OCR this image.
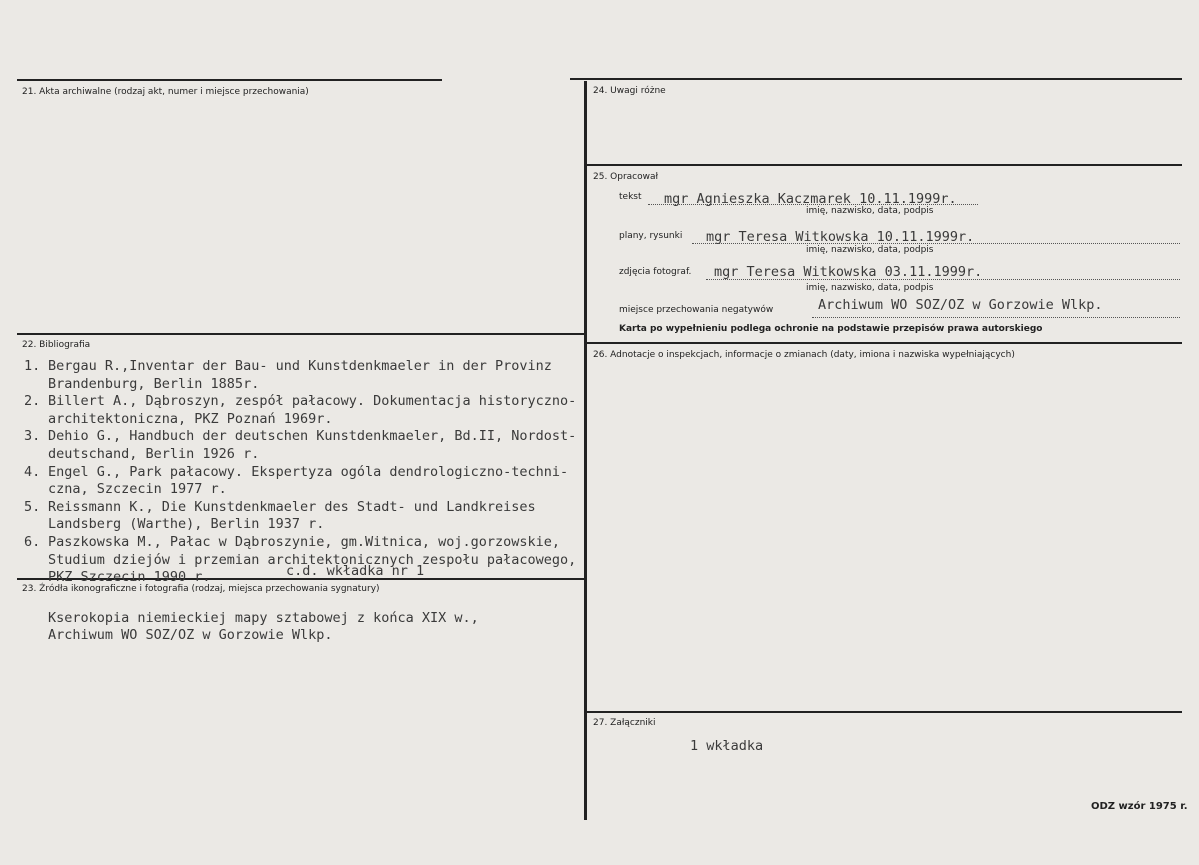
21. Akta archiwalne (rodzaj akt, numer i miejsce przechowania)
22. Bibliografia
23. Źródła ikonograficzne i fotografia (rodzaj, miejsca przechowania sygnatury)
24. Uwagi różne
25. Opracował
26. Adnotacje o inspekcjach, informacje o zmianach (daty, imiona i nazwiska wypełniających)
27. Załączniki
1. Bergau R.,Inventar der Bau- und Kunstdenkmaeler in der Provinz
Brandenburg, Berlin 1885r.
2. Billert A., Dąbroszyn, zespół pałacowy. Dokumentacja historyczno-
architektoniczna, PKZ Poznań 1969r.
3. Dehio G., Handbuch der deutschen Kunstdenkmaeler, Bd.II, Nordost-
deutschand, Berlin 1926 r.
4. Engel G., Park pałacowy. Ekspertyza ogóla dendrologiczno-techni-
czna, Szczecin 1977 r.
5. Reissmann K., Die Kunstdenkmaeler des Stadt- und Landkreises
Landsberg (Warthe), Berlin 1937 r.
6. Paszkowska M., Pałac w Dąbroszynie, gm.Witnica, woj.gorzowskie,
Studium dziejów i przemian architektonicznych zespołu pałacowego,
PKZ Szczecin 1990 r.	c.d. wkładka nr 1
Kserokopia niemieckiej mapy sztabowej z końca XIX w.,
Archiwum WO SOZ/OZ w Gorzowie Wlkp.
tekst mgr Agnieszka Kaczmarek 10.11.1999r.
imię, nazwisko, data, podpis
plany, rysunki mgr Teresa Witkowska 10.11.1999r.
imię, nazwisko, data, podpis
zdjęcia fotograf. mgr Teresa Witkowska 03.11.1999r.
imię, nazwisko, data, podpis
miejsce przechowania negatywów	Archiwum WO SOZ/OZ w Gorzowie Wlkp.
Karta po wypełnieniu podlega ochronie na podstawie przepisów prawa autorskiego
1 wkładka
ODZ wzór 1975 r.
